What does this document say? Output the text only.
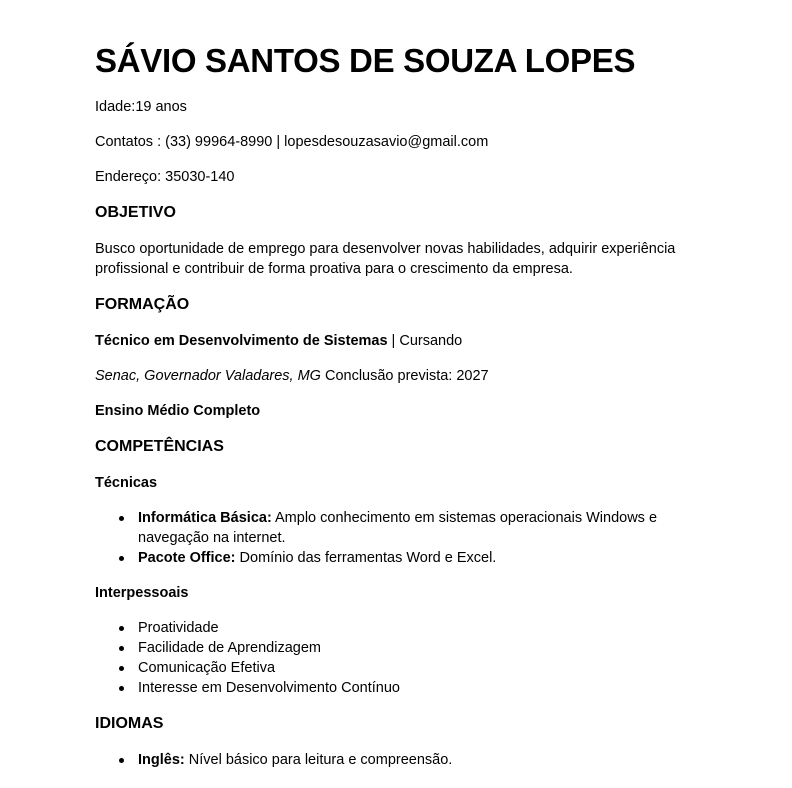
SÁVIO SANTOS DE SOUZA LOPES

Idade:19 anos

Contatos : (33) 99964-8990 | lopesdesouzasavio@gmail.com

Endereço: 35030-140

OBJETIVO

Busco oportunidade de emprego para desenvolver novas habilidades, adquirir experiência profissional e contribuir de forma proativa para o crescimento da empresa.

FORMAÇÃO

Técnico em Desenvolvimento de Sistemas | Cursando

Senac, Governador Valadares, MG Conclusão prevista: 2027

Ensino Médio Completo

COMPETÊNCIAS

Técnicas

Informática Básica: Amplo conhecimento em sistemas operacionais Windows e navegação na internet.
Pacote Office: Domínio das ferramentas Word e Excel.

Interpessoais

Proatividade
Facilidade de Aprendizagem
Comunicação Efetiva
Interesse em Desenvolvimento Contínuo
IDIOMAS
Inglês: Nível básico para leitura e compreensão.
